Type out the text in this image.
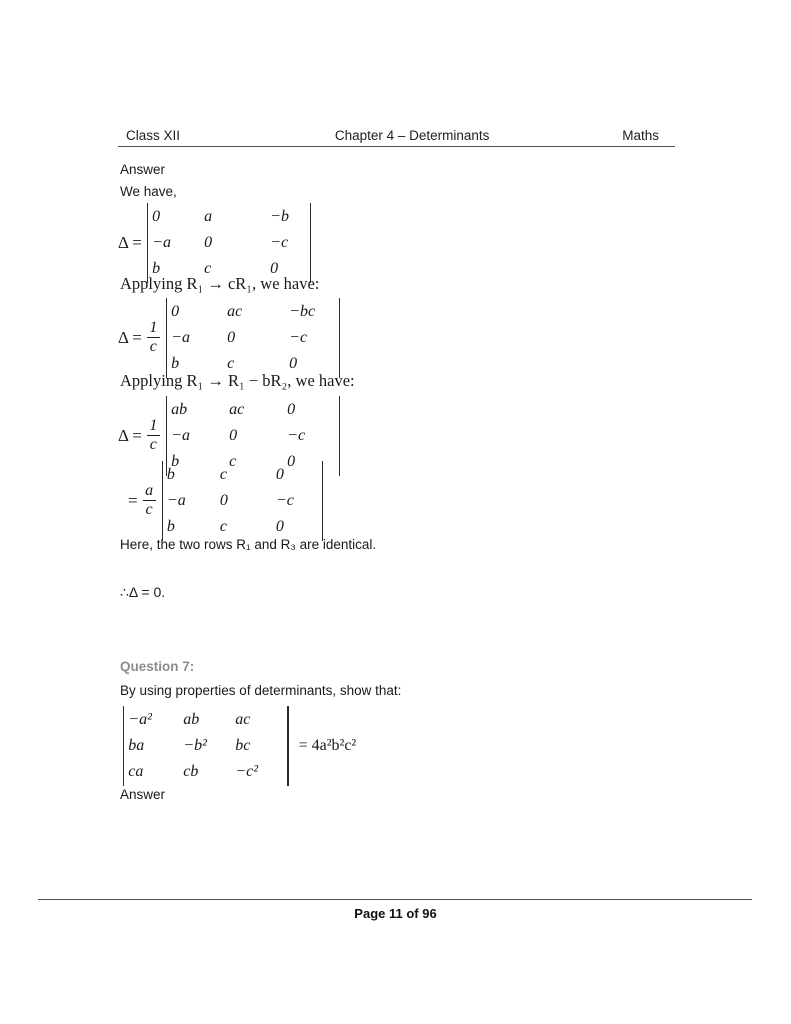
Class XII	Chapter 4 – Determinants	Maths
Answer
We have,
Δ =
0	a	−b
−a	0	−c
b	c	0
Applying R₁ → cR₁, we have:
$\Delta = \frac{1}{c}$
0	ac	−bc
−a	0	−c
b	c	0
Applying R₁ → R₁ − bR₂, we have:
$\Delta = \frac{1}{c}$
ab	ac	0
−a	0	−c
b	c	0
= $\frac{a}{c}$
b	c	0
−a	0	−c
b	c	0
Here, the two rows R₁ and R₃ are identical.
∴Δ = 0.
Question 7:
By using properties of determinants, show that:
−a²	ab	ac
ba	−b²	bc
ca	cb	−c²
= 4a²b²c²
Answer
Page 11 of 96
